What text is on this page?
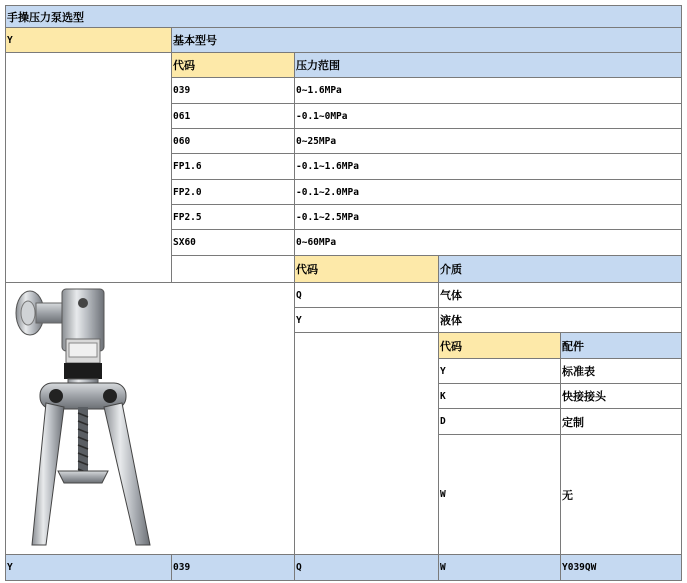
手操压力泵选型
Y	基本型号
代码	压力范围
039	0~1.6MPa
061	-0.1~0MPa
060	0~25MPa
FP1.6	-0.1~1.6MPa
FP2.0	-0.1~2.0MPa
FP2.5	-0.1~2.5MPa
SX60	0~60MPa
代码	介质
Q	气体
Y	液体
代码	配件
Y	标准表
K	快接接头
D	定制
W	无
Y	039	Q	W	Y039QW
